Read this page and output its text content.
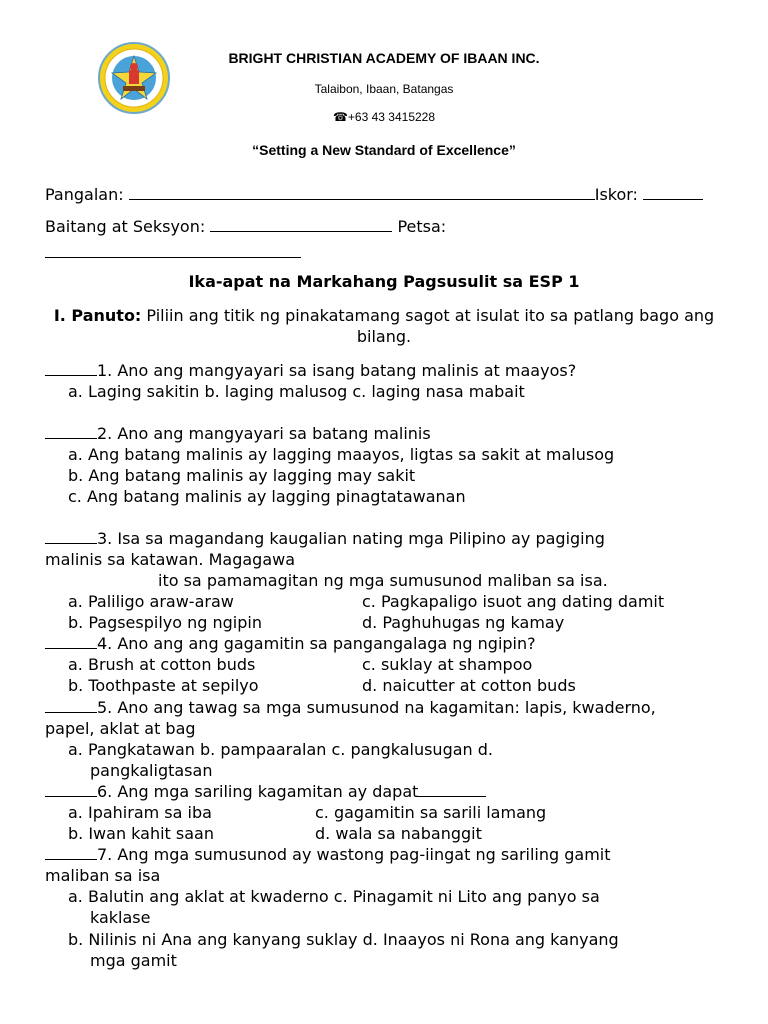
BRIGHT CHRISTIAN ACADEMY OF IBAAN INC.
Talaibon, Ibaan, Batangas
☎+63 43 3415228
“Setting a New Standard of Excellence”
Pangalan:	Iskor:
Baitang at Seksyon:	Petsa:
Ika-apat na Markahang Pagsusulit sa ESP 1
I. Panuto: Piliin ang titik ng pinakatamang sagot at isulat ito sa patlang bago ang bilang.
1. Ano ang mangyayari sa isang batang malinis at maayos?
a. Laging sakitin b. laging malusog c. laging nasa mabait
2. Ano ang mangyayari sa batang malinis
a. Ang batang malinis ay lagging maayos, ligtas sa sakit at malusog
b. Ang batang malinis ay lagging may sakit
c. Ang batang malinis ay lagging pinagtatawanan
3. Isa sa magandang kaugalian nating mga Pilipino ay pagiging
malinis sa katawan. Magagawa
ito sa pamamagitan ng mga sumusunod maliban sa isa.
a. Paliligo araw-araw	c. Pagkapaligo isuot ang dating damit
b. Pagsespilyo ng ngipin	d. Paghuhugas ng kamay
4. Ano ang ang gagamitin sa pangangalaga ng ngipin?
a. Brush at cotton buds	c. suklay at shampoo
b. Toothpaste at sepilyo	d. naicutter at cotton buds
5. Ano ang tawag sa mga sumusunod na kagamitan: lapis, kwaderno,
papel, aklat at bag
a. Pangkatawan b. pampaaralan c. pangkalusugan d.
pangkaligtasan
6. Ang mga sariling kagamitan ay dapat
a. Ipahiram sa iba	c. gagamitin sa sarili lamang
b. Iwan kahit saan	d. wala sa nabanggit
7. Ang mga sumusunod ay wastong pag-iingat ng sariling gamit
maliban sa isa
a. Balutin ang aklat at kwaderno c. Pinagamit ni Lito ang panyo sa
kaklase
b. Nilinis ni Ana ang kanyang suklay d. Inaayos ni Rona ang kanyang
mga gamit
